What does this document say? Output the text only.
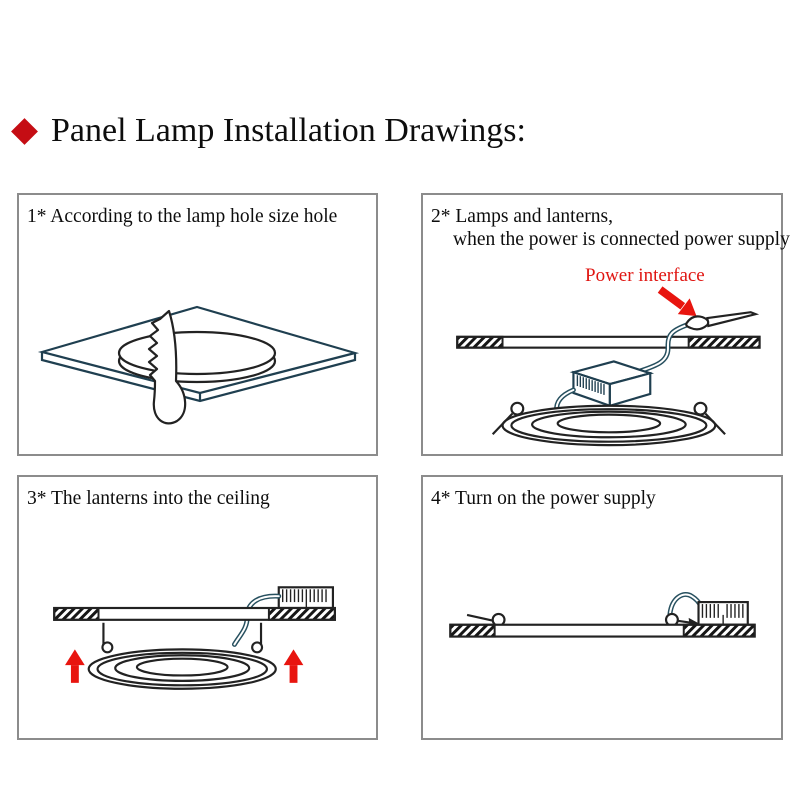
Panel Lamp Installation Drawings:
1* According to the lamp hole size hole	2* Lamps and lanterns,
when the power is connected power supply
Power interface
3* The lanterns into the ceiling	4* Turn on the power supply
